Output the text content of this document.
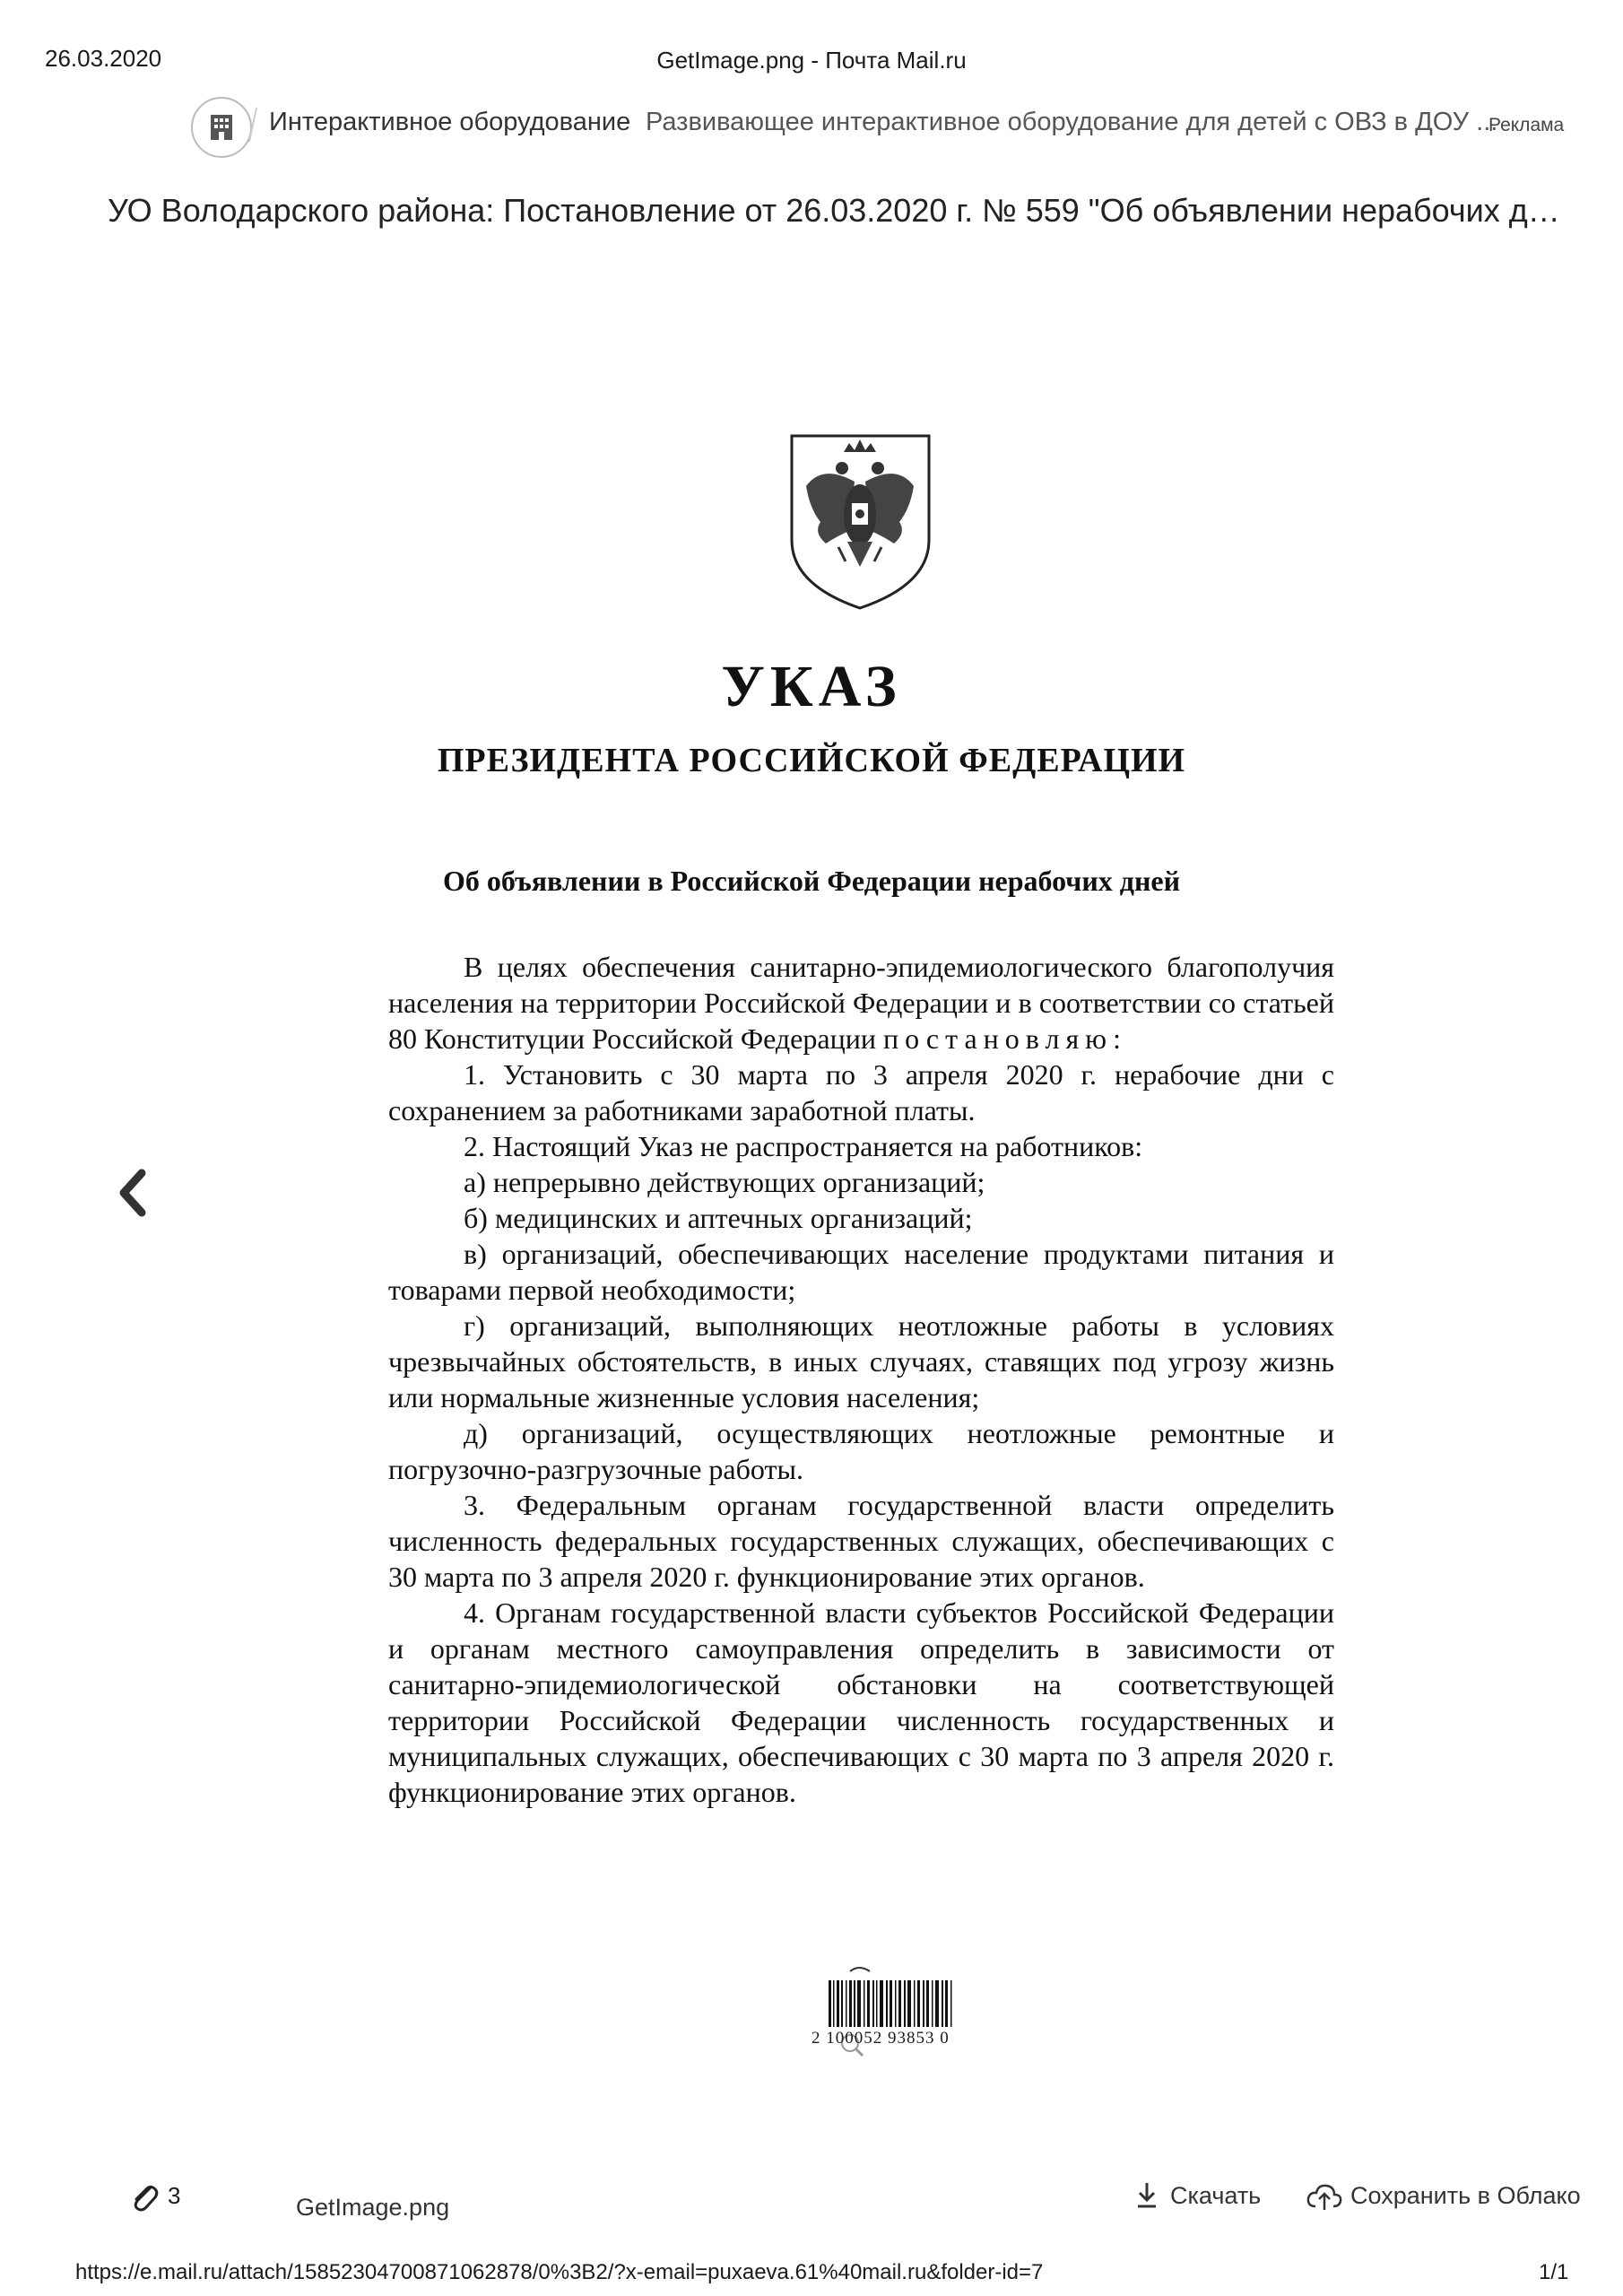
26.03.2020	GetImage.png - Почта Mail.ru
Интерактивное оборудование Развивающее интерактивное оборудование для детей с ОВЗ в ДОУ ...
Реклама
УО Володарского района: Постановление от 26.03.2020 г. № 559 "Об объявлении нерабочих д…
УКАЗ
ПРЕЗИДЕНТА РОССИЙСКОЙ ФЕДЕРАЦИИ
Об объявлении в Российской Федерации нерабочих дней

В целях обеспечения санитарно-эпидемиологического благополучия населения на территории Российской Федерации и в соответствии со статьей 80 Конституции Российской Федерации постановляю:

1. Установить с 30 марта по 3 апреля 2020 г. нерабочие дни с сохранением за работниками заработной платы.

2. Настоящий Указ не распространяется на работников:

а) непрерывно действующих организаций;

б) медицинских и аптечных организаций;

в) организаций, обеспечивающих население продуктами питания и товарами первой необходимости;

г) организаций, выполняющих неотложные работы в условиях чрезвычайных обстоятельств, в иных случаях, ставящих под угрозу жизнь или нормальные жизненные условия населения;

д) организаций, осуществляющих неотложные ремонтные и погрузочно-разгрузочные работы.

3. Федеральным органам государственной власти определить численность федеральных государственных служащих, обеспечивающих с 30 марта по 3 апреля 2020 г. функционирование этих органов.

4. Органам государственной власти субъектов Российской Федерации и органам местного самоуправления определить в зависимости от санитарно-эпидемиологической обстановки на соответствующей территории Российской Федерации численность государственных и муниципальных служащих, обеспечивающих с 30 марта по 3 апреля 2020 г. функционирование этих органов.

2 100052 93853 0
3	GetImage.png	Скачать	Сохранить в Облако
https://e.mail.ru/attach/15852304700871062878/0%3B2/?x-email=puxaeva.61%40mail.ru&folder-id=7	1/1
